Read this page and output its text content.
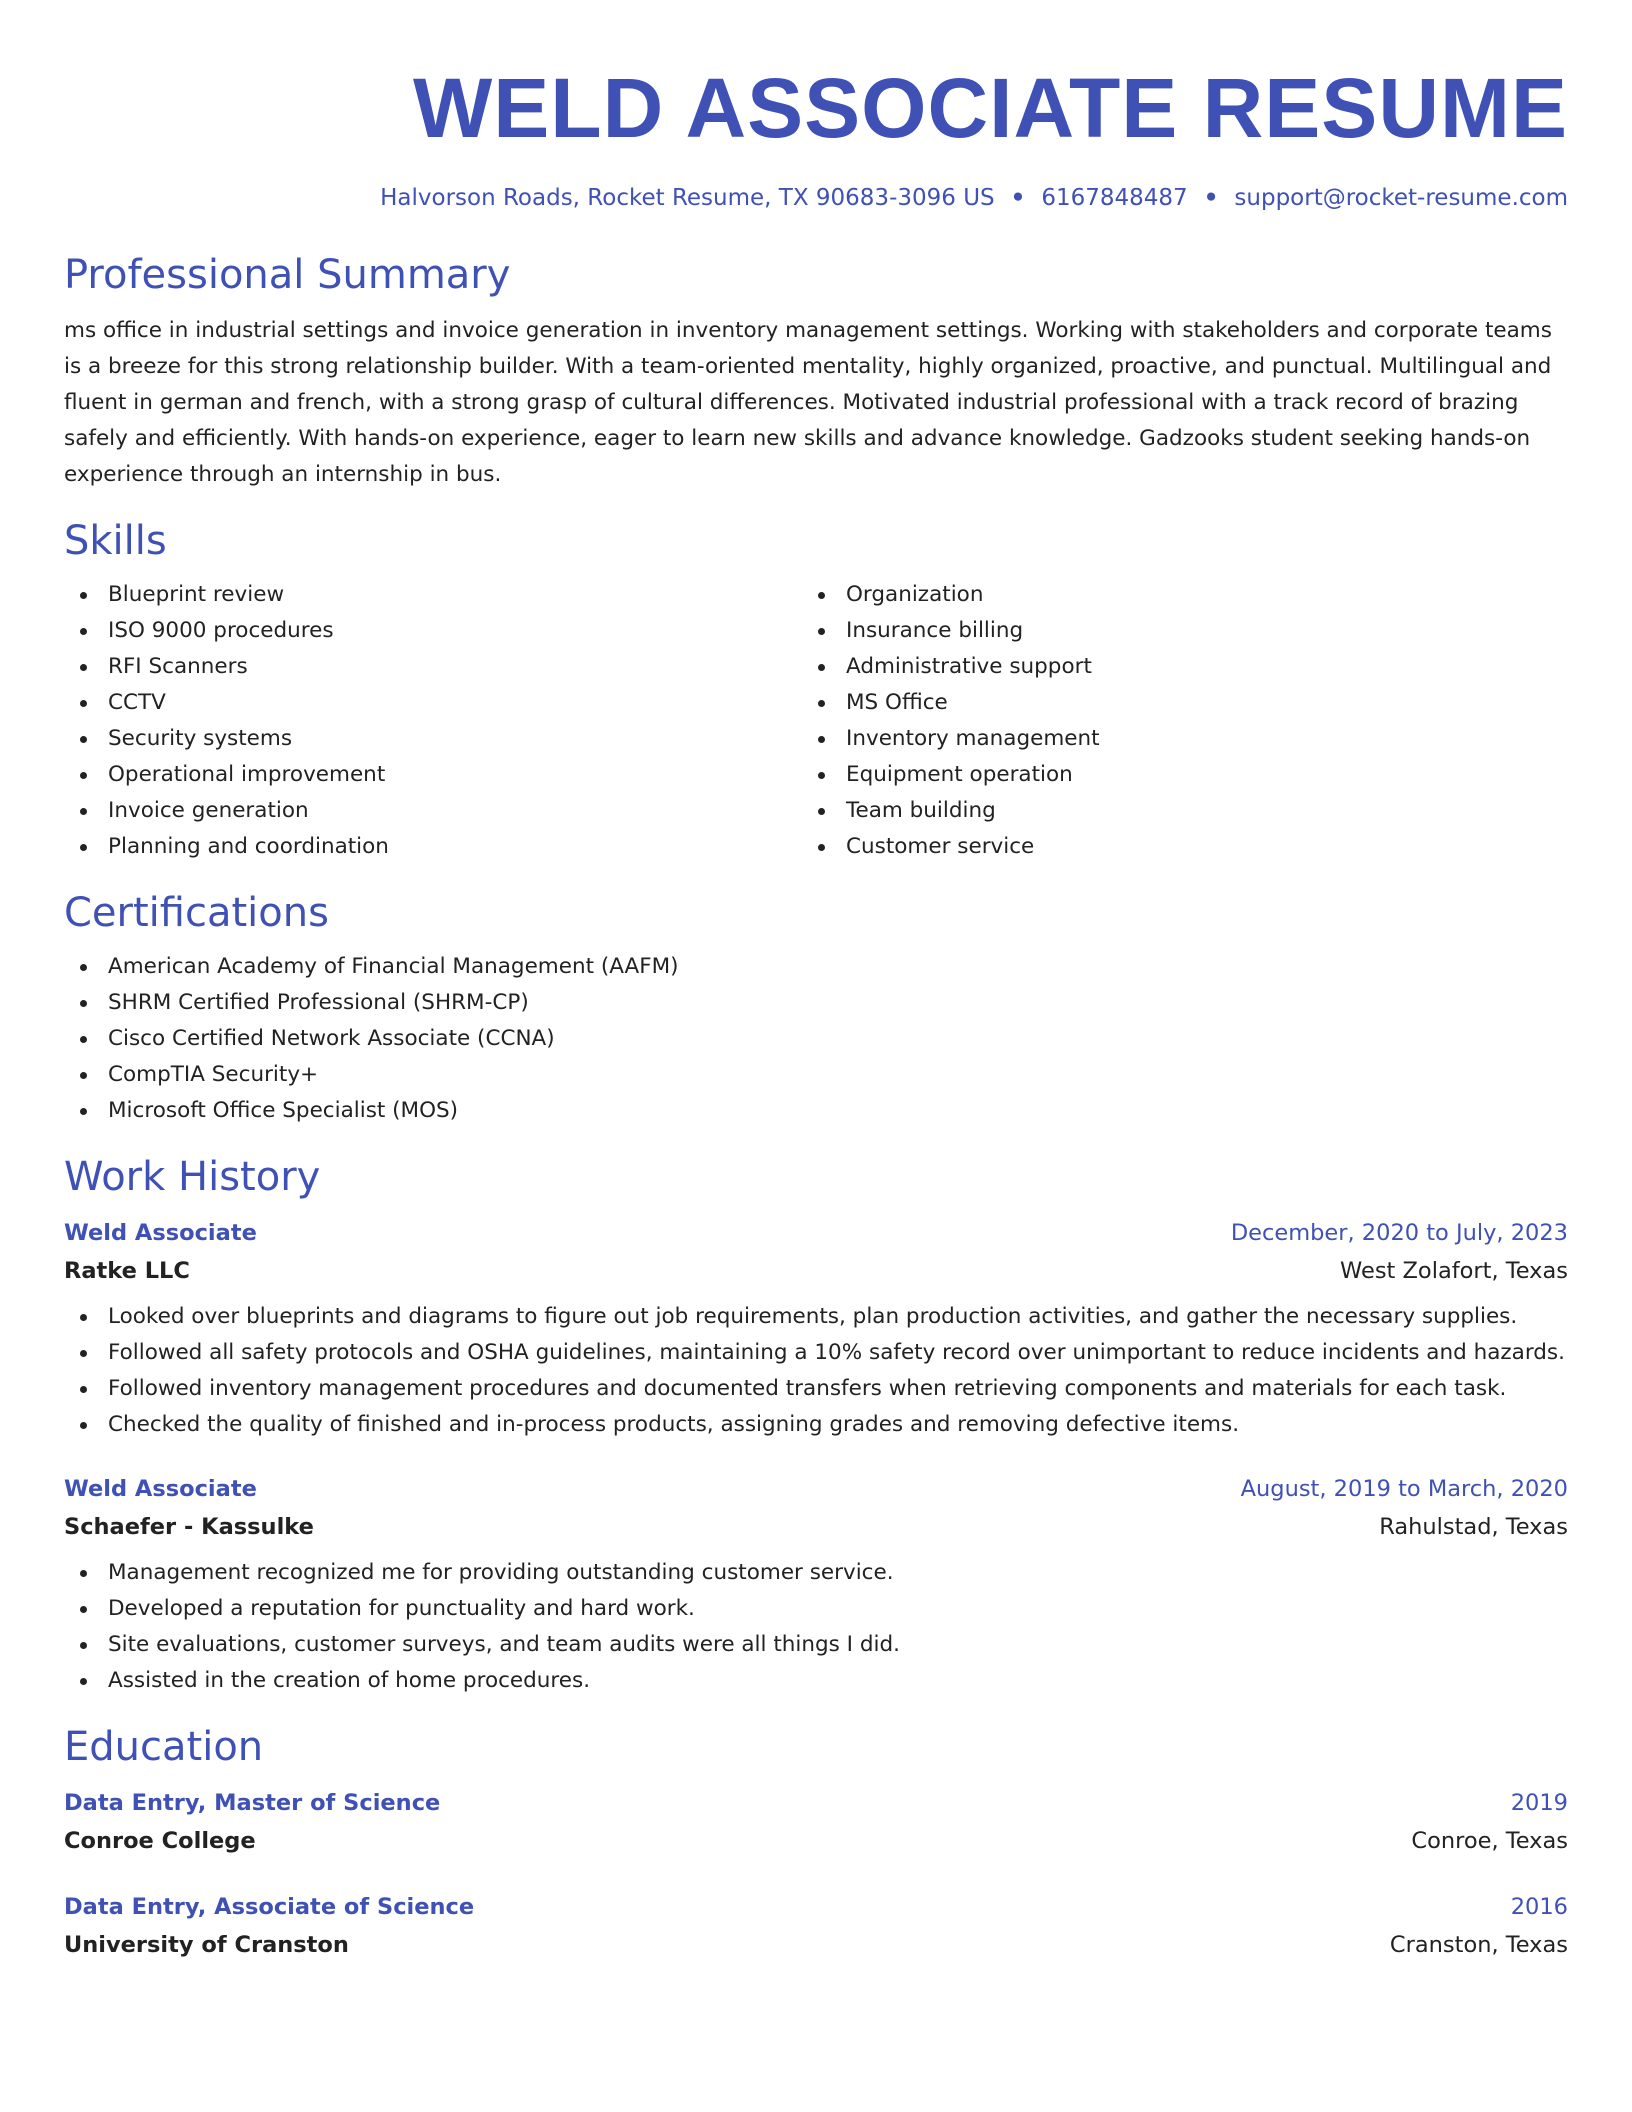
WELD ASSOCIATE RESUME
Halvorson Roads, Rocket Resume, TX 90683-3096 US • 6167848487 • support@rocket-resume.com
Professional Summary

ms office in industrial settings and invoice generation in inventory management settings. Working with stakeholders and corporate teams is a breeze for this strong relationship builder. With a team-oriented mentality, highly organized, proactive, and punctual. Multilingual and fluent in german and french, with a strong grasp of cultural differences. Motivated industrial professional with a track record of brazing safely and efficiently. With hands-on experience, eager to learn new skills and advance knowledge. Gadzooks student seeking hands-on experience through an internship in bus.

Skills
Blueprint review
ISO 9000 procedures
RFI Scanners
CCTV
Security systems
Operational improvement
Invoice generation
Planning and coordination
Organization
Insurance billing
Administrative support
MS Office
Inventory management
Equipment operation
Team building
Customer service
Certifications
American Academy of Financial Management (AAFM)
SHRM Certified Professional (SHRM-CP)
Cisco Certified Network Associate (CCNA)
CompTIA Security+
Microsoft Office Specialist (MOS)
Work History
Weld Associate	December, 2020 to July, 2023
Ratke LLC	West Zolafort, Texas
Looked over blueprints and diagrams to figure out job requirements, plan production activities, and gather the necessary supplies.
Followed all safety protocols and OSHA guidelines, maintaining a 10% safety record over unimportant to reduce incidents and hazards.
Followed inventory management procedures and documented transfers when retrieving components and materials for each task.
Checked the quality of finished and in-process products, assigning grades and removing defective items.
Weld Associate	August, 2019 to March, 2020
Schaefer - Kassulke	Rahulstad, Texas
Management recognized me for providing outstanding customer service.
Developed a reputation for punctuality and hard work.
Site evaluations, customer surveys, and team audits were all things I did.
Assisted in the creation of home procedures.
Education
Data Entry, Master of Science	2019
Conroe College	Conroe, Texas
Data Entry, Associate of Science	2016
University of Cranston	Cranston, Texas
